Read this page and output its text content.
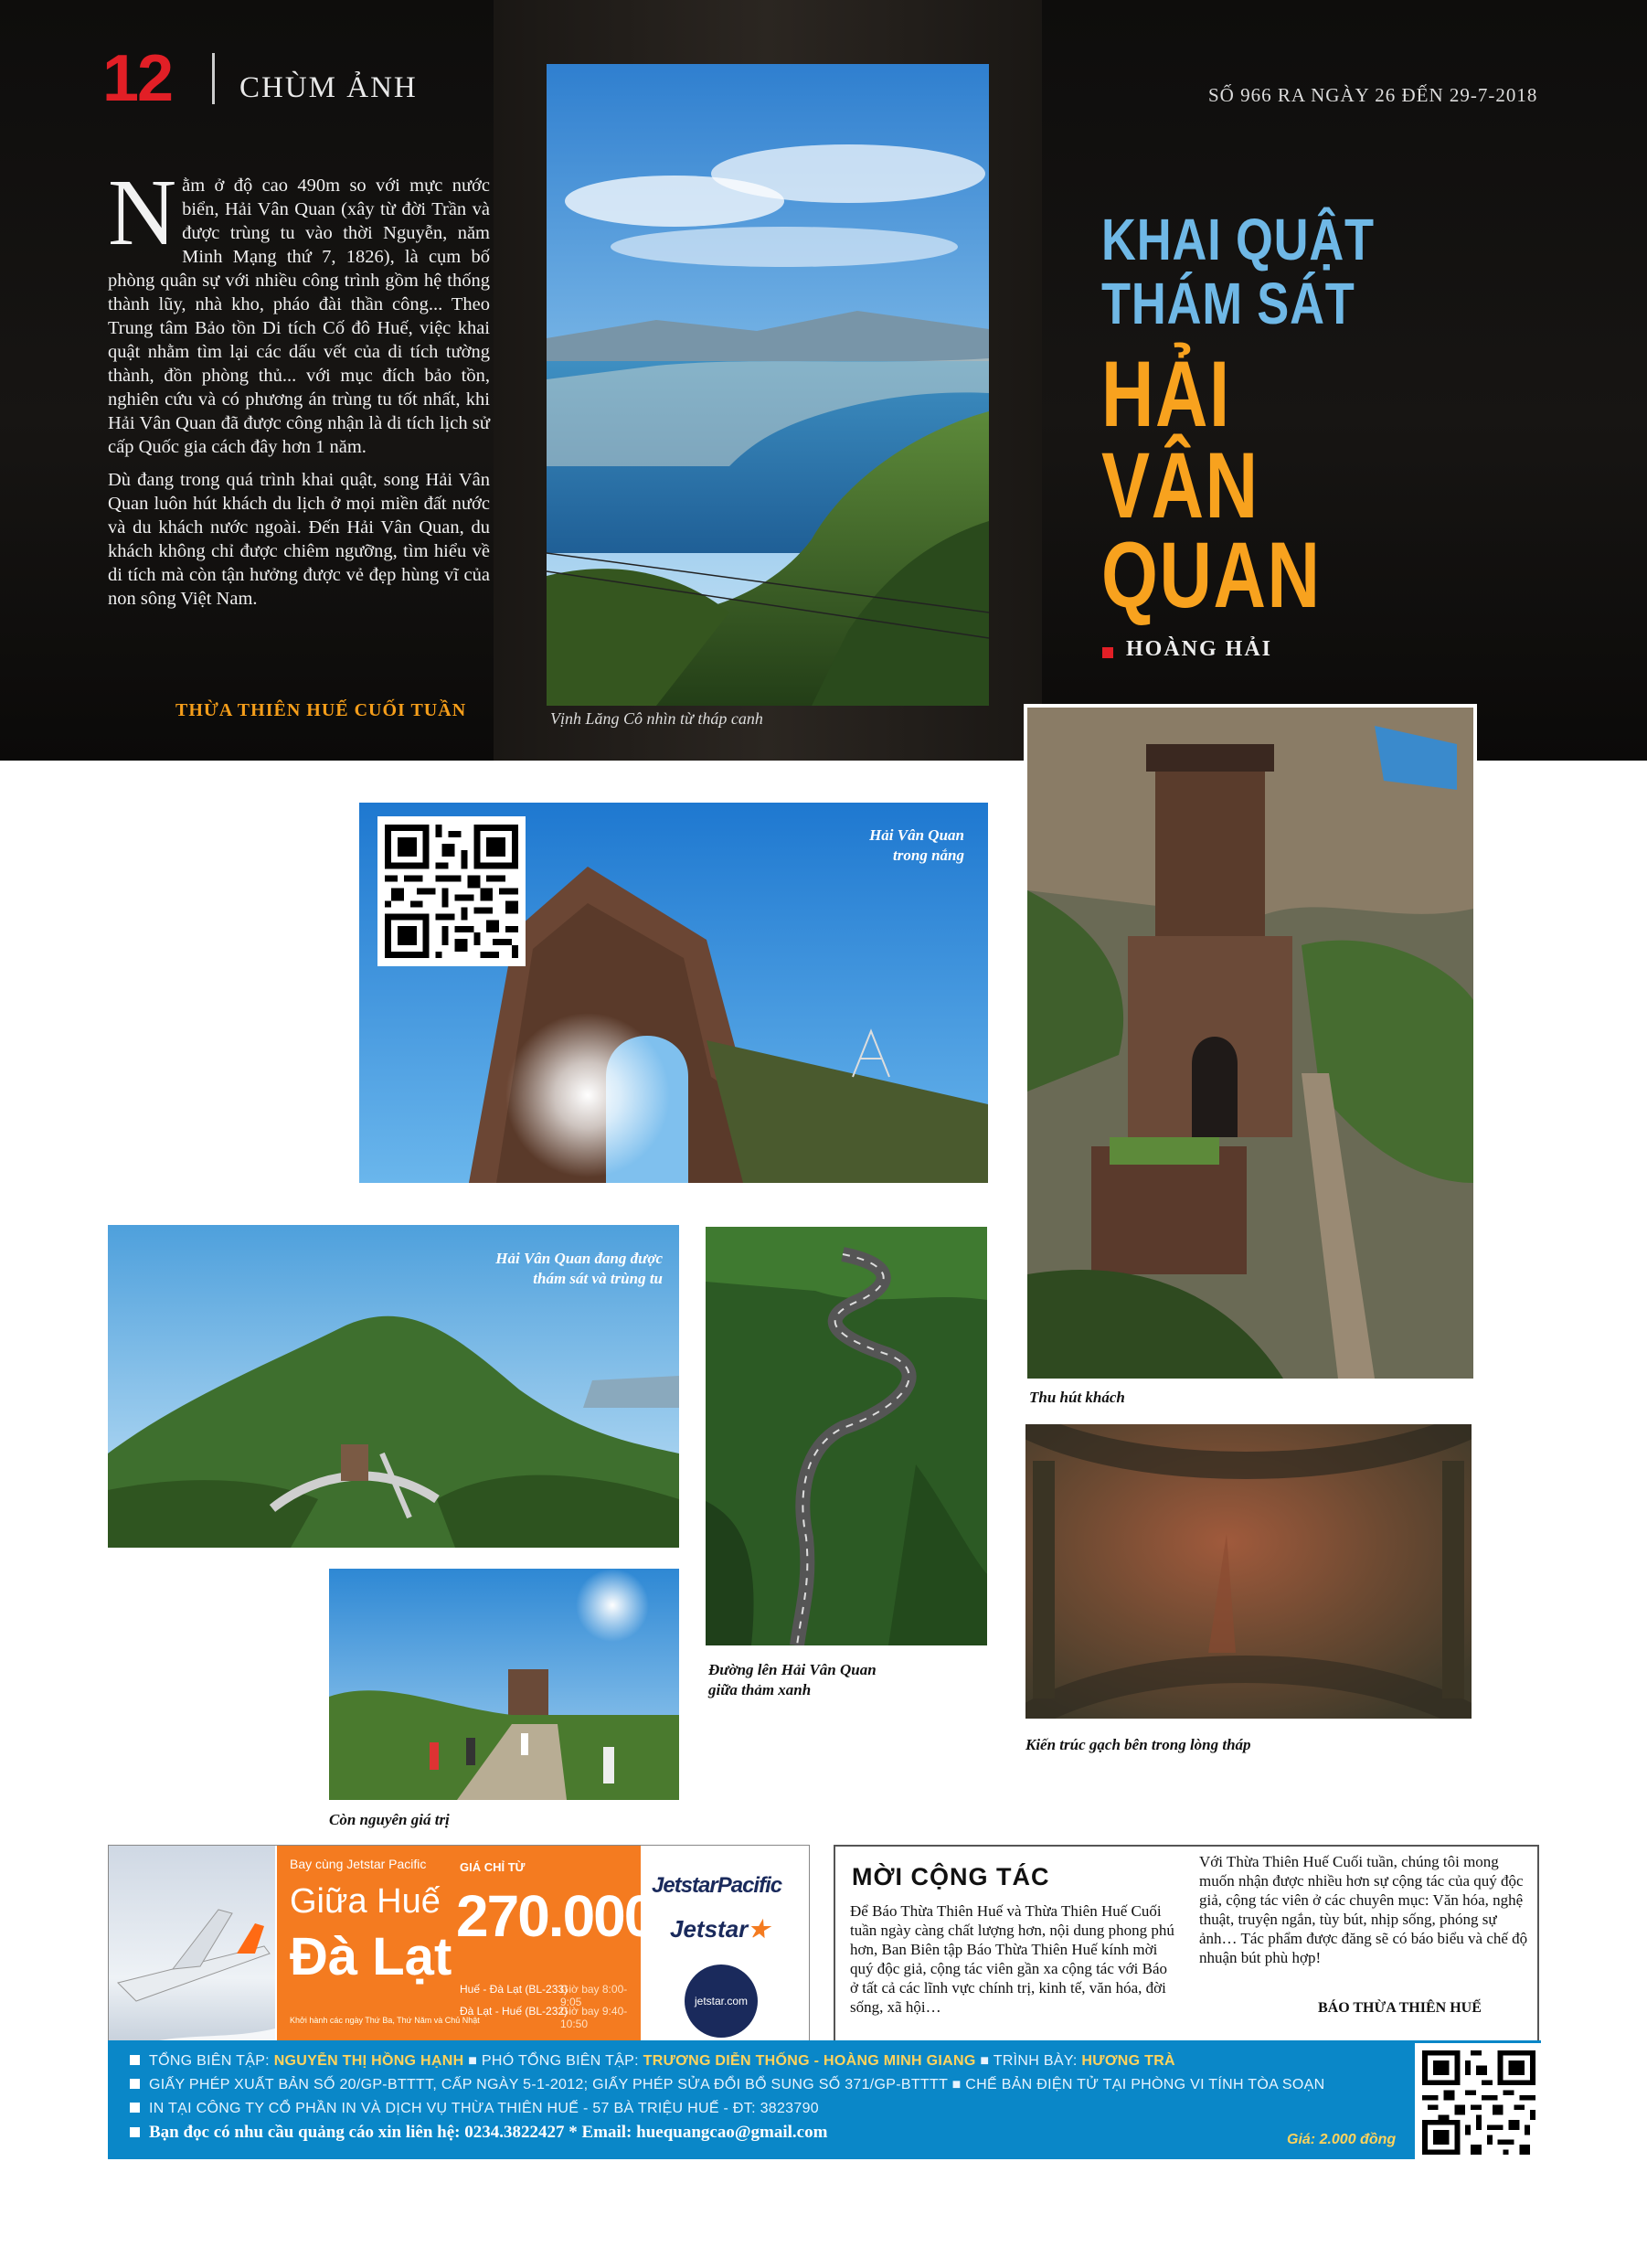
12 CHÙM ẢNH	SỐ 966 RA NGÀY 26 ĐẾN 29-7-2018

Nằm ở độ cao 490m so với mực nước biển, Hải Vân Quan (xây từ đời Trần và được trùng tu vào thời Nguyễn, năm Minh Mạng thứ 7, 1826), là cụm bố phòng quân sự với nhiều công trình gồm hệ thống thành lũy, nhà kho, pháo đài thần công... Theo Trung tâm Bảo tồn Di tích Cố đô Huế, việc khai quật nhằm tìm lại các dấu vết của di tích tường thành, đồn phòng thủ... với mục đích bảo tồn, nghiên cứu và có phương án trùng tu tốt nhất, khi Hải Vân Quan đã được công nhận là di tích lịch sử cấp Quốc gia cách đây hơn 1 năm.

Dù đang trong quá trình khai quật, song Hải Vân Quan luôn hút khách du lịch ở mọi miền đất nước và du khách nước ngoài. Đến Hải Vân Quan, du khách không chỉ được chiêm ngưỡng, tìm hiểu về di tích mà còn tận hưởng được vẻ đẹp hùng vĩ của non sông Việt Nam.

THỪA THIÊN HUẾ CUỐI TUẦN	Vịnh Lăng Cô nhìn từ tháp canh
KHAI QUẬT
THÁM SÁT
HẢI
VÂN
QUAN
HOÀNG HẢI
Hải Vân Quan
trong nắng
Thu hút khách
Hải Vân Quan đang được
thám sát và trùng tu
Đường lên Hải Vân Quan
giữa thảm xanh
Kiến trúc gạch bên trong lòng tháp
Còn nguyên giá trị
Bay cùng Jetstar Pacific
Giữa Huế
Đà Lạt
Khởi hành các ngày Thứ Ba, Thứ Năm và Chủ Nhật
GIÁ CHỈ TỪ
270.000đ
Huế - Đà Lạt (BL-233)
Giờ bay 8:00-9:05
Đà Lạt - Huế (BL-232)
Giờ bay 9:40-10:50
JetstarPacific
Jetstar★
jetstar.com
MỜI CỘNG TÁC
Để Báo Thừa Thiên Huế và Thừa Thiên Huế Cuối tuần ngày càng chất lượng hơn, nội dung phong phú hơn, Ban Biên tập Báo Thừa Thiên Huế kính mời quý độc giả, cộng tác viên gần xa cộng tác với Báo ở tất cả các lĩnh vực chính trị, kinh tế, văn hóa, đời sống, xã hội…
Với Thừa Thiên Huế Cuối tuần, chúng tôi mong muốn nhận được nhiều hơn sự cộng tác của quý độc giả, cộng tác viên ở các chuyên mục: Văn hóa, nghệ thuật, truyện ngắn, tùy bút, nhịp sống, phóng sự ảnh… Tác phẩm được đăng sẽ có báo biểu và chế độ nhuận bút phù hợp!
BÁO THỪA THIÊN HUẾ
TỔNG BIÊN TẬP: NGUYỄN THỊ HỒNG HẠNH ■ PHÓ TỔNG BIÊN TẬP: TRƯƠNG DIỄN THỐNG - HOÀNG MINH GIANG ■ TRÌNH BÀY: HƯƠNG TRÀ
GIẤY PHÉP XUẤT BẢN SỐ 20/GP-BTTTT, CẤP NGÀY 5-1-2012; GIẤY PHÉP SỬA ĐỔI BỔ SUNG SỐ 371/GP-BTTTT ■ CHẾ BẢN ĐIỆN TỬ TẠI PHÒNG VI TÍNH TÒA SOẠN
IN TẠI CÔNG TY CỔ PHẦN IN VÀ DỊCH VỤ THỪA THIÊN HUẾ - 57 BÀ TRIỆU HUẾ - ĐT: 3823790
Bạn đọc có nhu cầu quảng cáo xin liên hệ: 0234.3822427 * Email: huequangcao@gmail.com	Giá: 2.000 đồng
